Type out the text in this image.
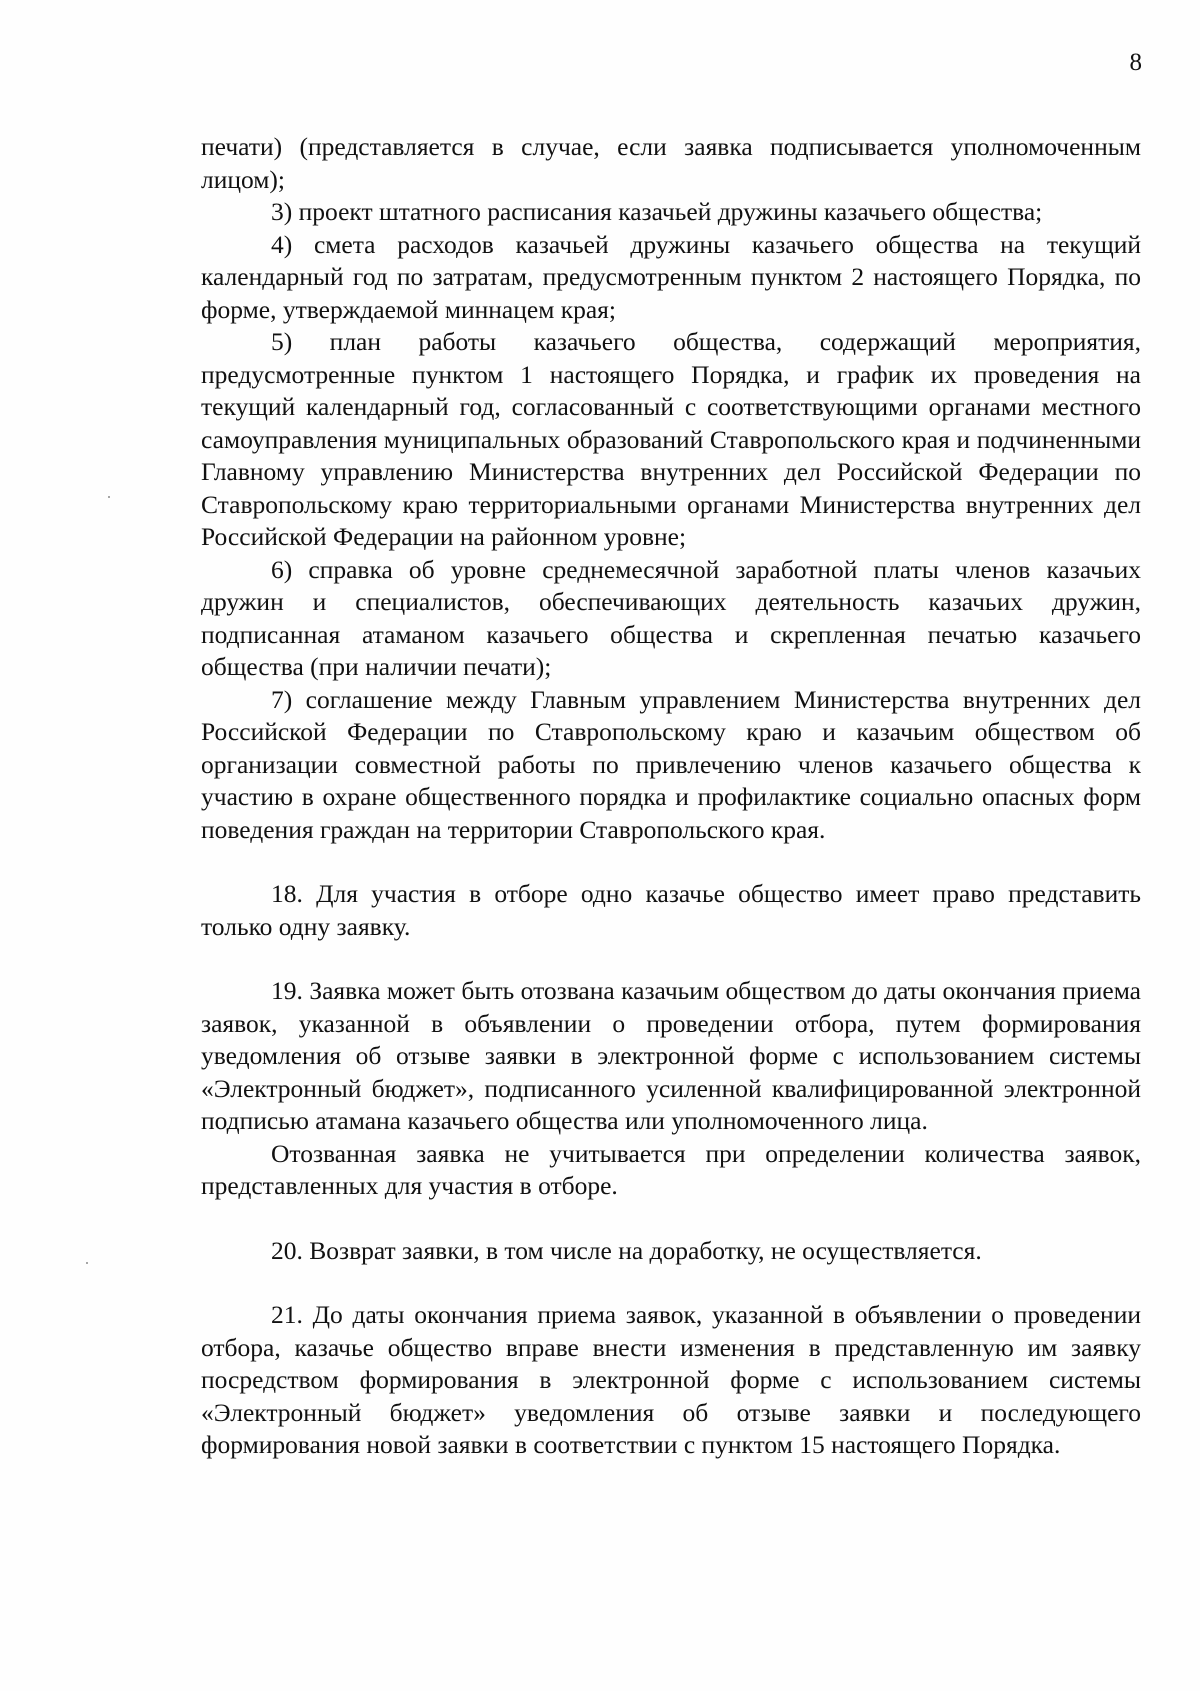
8

печати) (представляется в случае, если заявка подписывается уполномоченным лицом);

3) проект штатного расписания казачьей дружины казачьего общества;

4) смета расходов казачьей дружины казачьего общества на текущий календарный год по затратам, предусмотренным пунктом 2 настоящего Порядка, по форме, утверждаемой миннацем края;

5) план работы казачьего общества, содержащий мероприятия, предусмотренные пунктом 1 настоящего Порядка, и график их проведения на текущий календарный год, согласованный с соответствующими органами местного самоуправления муниципальных образований Ставропольского края и подчиненными Главному управлению Министерства внутренних дел Российской Федерации по Ставропольскому краю территориальными органами Министерства внутренних дел Российской Федерации на районном уровне;

6) справка об уровне среднемесячной заработной платы членов казачьих дружин и специалистов, обеспечивающих деятельность казачьих дружин, подписанная атаманом казачьего общества и скрепленная печатью казачьего общества (при наличии печати);

7) соглашение между Главным управлением Министерства внутренних дел Российской Федерации по Ставропольскому краю и казачьим обществом об организации совместной работы по привлечению членов казачьего общества к участию в охране общественного порядка и профилактике социально опасных форм поведения граждан на территории Ставропольского края.

18. Для участия в отборе одно казачье общество имеет право представить только одну заявку.

19. Заявка может быть отозвана казачьим обществом до даты окончания приема заявок, указанной в объявлении о проведении отбора, путем формирования уведомления об отзыве заявки в электронной форме с использованием системы «Электронный бюджет», подписанного усиленной квалифицированной электронной подписью атамана казачьего общества или уполномоченного лица.

Отозванная заявка не учитывается при определении количества заявок, представленных для участия в отборе.

20. Возврат заявки, в том числе на доработку, не осуществляется.

21. До даты окончания приема заявок, указанной в объявлении о проведении отбора, казачье общество вправе внести изменения в представленную им заявку посредством формирования в электронной форме с использованием системы «Электронный бюджет» уведомления об отзыве заявки и последующего формирования новой заявки в соответствии с пунктом 15 настоящего Порядка.
